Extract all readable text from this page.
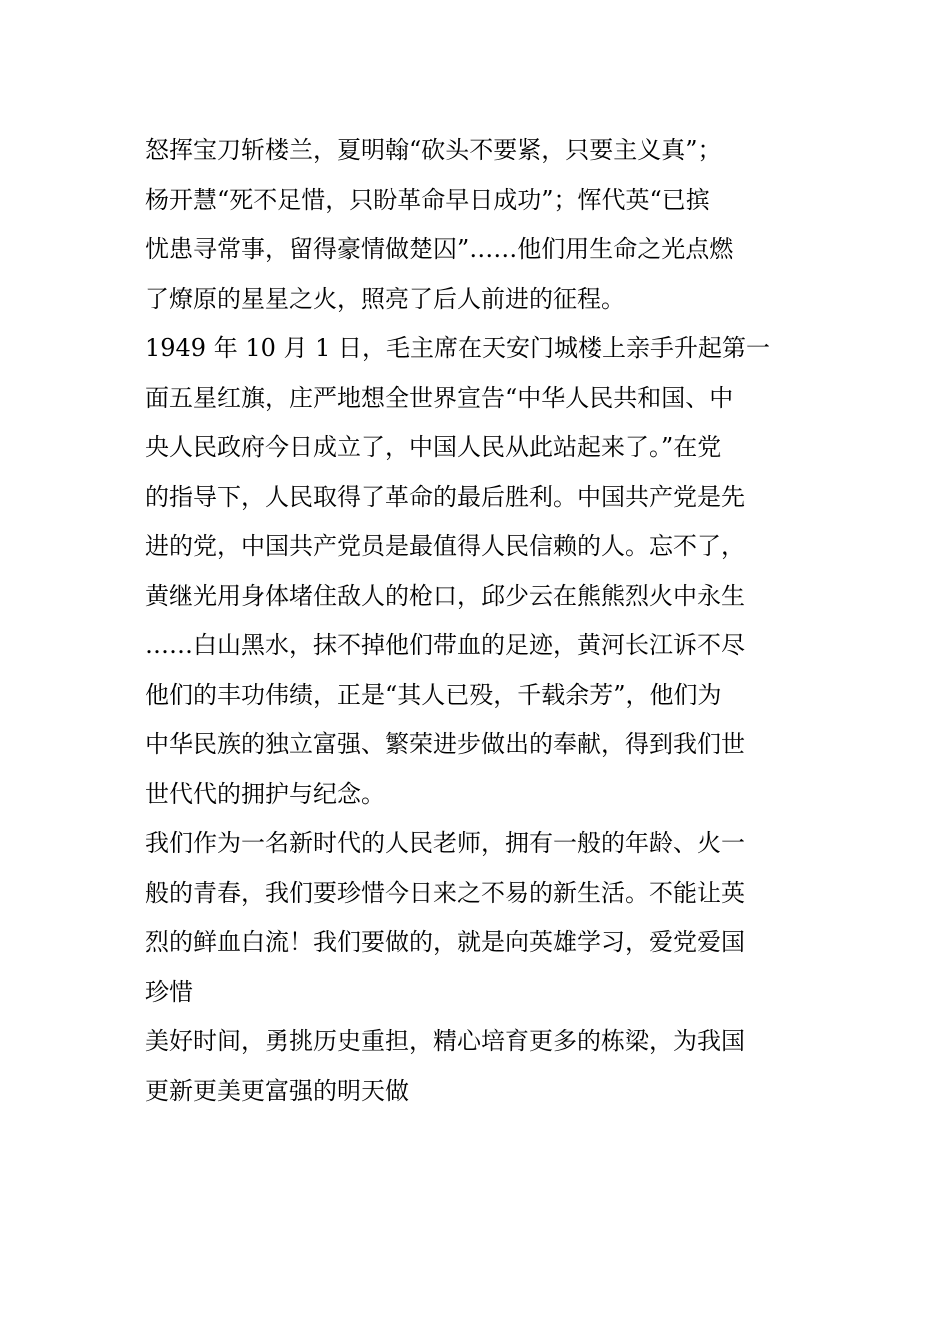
怒挥宝刀斩楼兰，夏明翰“砍头不要紧，只要主义真”；
杨开慧“死不足惜，只盼革命早日成功”；恽代英“已摈
忧患寻常事，留得豪情做楚囚”……他们用生命之光点燃
了燎原的星星之火，照亮了后人前进的征程。
1949 年 10 月 1 日，毛主席在天安门城楼上亲手升起第一
面五星红旗，庄严地想全世界宣告“中华人民共和国、中
央人民政府今日成立了，中国人民从此站起来了。”在党
的指导下，人民取得了革命的最后胜利。中国共产党是先
进的党，中国共产党员是最值得人民信赖的人。忘不了，
黄继光用身体堵住敌人的枪口，邱少云在熊熊烈火中永生
……白山黑水，抹不掉他们带血的足迹，黄河长江诉不尽
他们的丰功伟绩，正是“其人已殁，千载余芳”，他们为
中华民族的独立富强、繁荣进步做出的奉献，得到我们世
世代代的拥护与纪念。
我们作为一名新时代的人民老师，拥有一般的年龄、火一
般的青春，我们要珍惜今日来之不易的新生活。不能让英
烈的鲜血白流！我们要做的，就是向英雄学习，爱党爱国
珍惜
美好时间，勇挑历史重担，精心培育更多的栋梁，为我国
更新更美更富强的明天做
